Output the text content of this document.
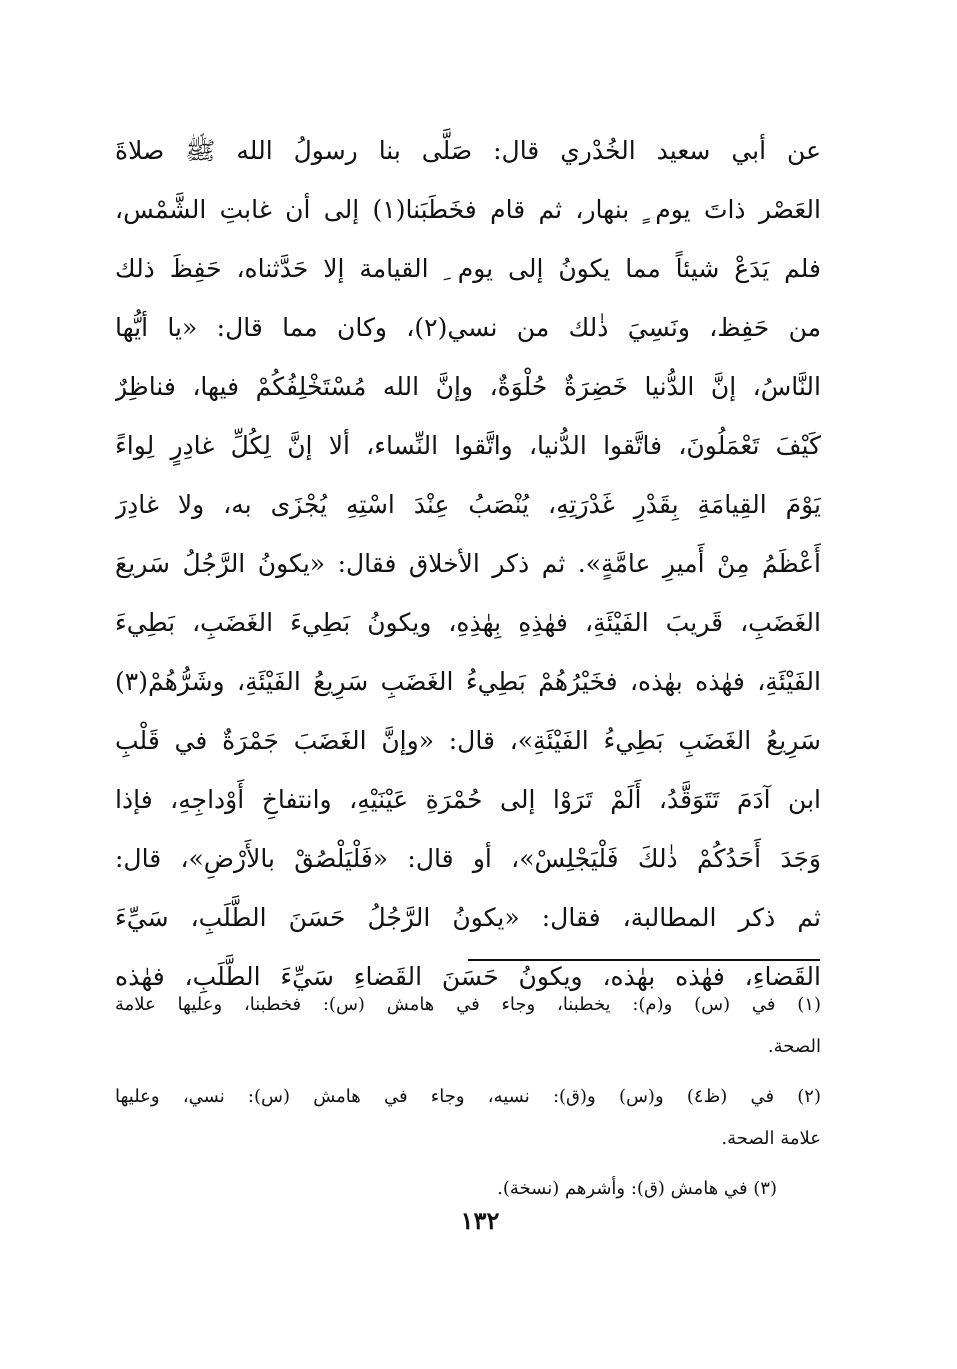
عن أبي سعيد الخُدْري قال: صَلَّى بنا رسولُ الله ﷺ صلاةَ
العَصْر ذاتَ يوم ٍ بنهار، ثم قام فخَطَبَنا(١) إلى أن غابتِ الشَّمْس،
فلم يَدَعْ شيئاً مما يكونُ إلى يوم ِ القيامة إلا حَدَّثناه، حَفِظَ ذلك
من حَفِظ، ونَسِيَ ذٰلك من نسي(٢)، وكان مما قال: «يا أيُّها
النَّاسُ، إنَّ الدُّنيا خَضِرَةٌ حُلْوَةٌ، وإنَّ الله مُسْتَخْلِفُكُمْ فيها، فناظِرٌ
كَيْفَ تَعْمَلُونَ، فاتَّقوا الدُّنيا، واتَّقوا النِّساء، ألا إنَّ لِكُلِّ غادِرٍ لِواءً
يَوْمَ القِيامَةِ بِقَدْرِ غَدْرَتِهِ، يُنْصَبُ عِنْدَ اسْتِهِ يُجْزَى به، ولا غادِرَ
أَعْظَمُ مِنْ أَميرِ عامَّةٍ». ثم ذكر الأخلاق فقال: «يكونُ الرَّجُلُ سَريعَ
الغَضَبِ، قَريبَ الفَيْئَةِ، فهٰذِهِ بِهٰذِهِ، ويكونُ بَطِيءَ الغَضَبِ، بَطِيءَ
الفَيْئَةِ، فهٰذه بهٰذه، فخَيْرُهُمْ بَطِيءُ الغَضَبِ سَرِيعُ الفَيْئَةِ، وشَرُّهُمْ(٣)
سَرِيعُ الغَضَبِ بَطِيءُ الفَيْئَةِ»، قال: «وإنَّ الغَضَبَ جَمْرَةٌ في قَلْبِ
ابن آدَمَ تَتَوَقَّدُ، أَلَمْ تَرَوْا إلى حُمْرَةِ عَيْنَيْهِ، وانتفاخِ أَوْداجِهِ، فإذا
وَجَدَ أَحَدُكُمْ ذٰلكَ فَلْيَجْلِسْ»، أو قال: «فَلْيَلْصُقْ بالأَرْضِ»، قال:
ثم ذكر المطالبة، فقال: «يكونُ الرَّجُلُ حَسَنَ الطَّلَبِ، سَيِّءَ
القَضاءِ، فهٰذه بهٰذه، ويكونُ حَسَنَ القَضاءِ سَيِّءَ الطَّلَبِ، فهٰذه
(١) في (س) و(م): يخطبنا، وجاء في هامش (س): فخطبنا، وعليها علامة
الصحة.
(٢) في (ظ٤) و(س) و(ق): نسيه، وجاء في هامش (س): نسي، وعليها
علامة الصحة.
(٣) في هامش (ق): وأشرهم (نسخة).
١٣٢
